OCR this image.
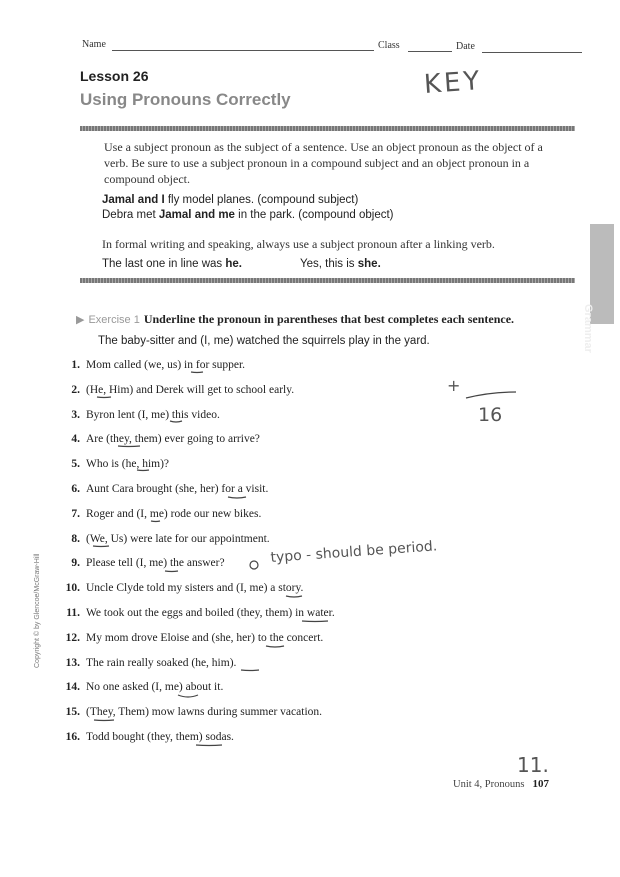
Name	Class	Date
Lesson 26
Using Pronouns Correctly	KEY
Use a subject pronoun as the subject of a sentence. Use an object pronoun as the object of a verb. Be sure to use a subject pronoun in a compound subject and an object pronoun in a compound object.
Jamal and I fly model planes. (compound subject)
Debra met Jamal and me in the park. (compound object)
In formal writing and speaking, always use a subject pronoun after a linking verb.
The last one in line was he.	Yes, this is she.
Grammar
▶ Exercise 1 Underline the pronoun in parentheses that best completes each sentence.
The baby-sitter and (I, me) watched the squirrels play in the yard.
1. Mom called (we, us) in for supper.
2. (He, Him) and Derek will get to school early.
3. Byron lent (I, me) this video.
4. Are (they, them) ever going to arrive?
5. Who is (he, him)?
6. Aunt Cara brought (she, her) for a visit.
7. Roger and (I, me) rode our new bikes.
8. (We, Us) were late for our appointment.
9. Please tell (I, me) the answer?
10. Uncle Clyde told my sisters and (I, me) a story.
11. We took out the eggs and boiled (they, them) in water.
12. My mom drove Eloise and (she, her) to the concert.
13. The rain really soaked (he, him).
14. No one asked (I, me) about it.
15. (They, Them) mow lawns during summer vacation.
16. Todd bought (they, them) sodas.
+
16
typo - should be period.
11.
Copyright © by Glencoe/McGraw-Hill
Unit 4, Pronouns 107
